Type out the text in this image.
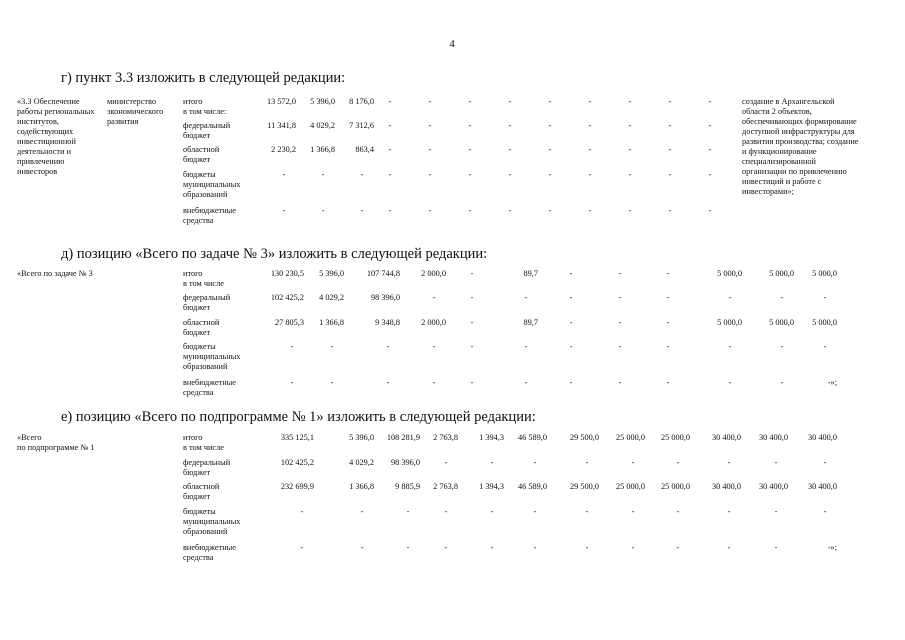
4
г) пункт 3.3 изложить в следующей редакции:
«3.3 Обеспечение работы региональных институтов, содействующих инвестиционной деятельности и привлечению инвесторов
министерство экономического развития
создание в Архангельской области 2 объектов, обеспечивающих формирование доступной инфраструктуры для развития производства; создание и функционирование специализированной организации по привлечению инвестиций и работе с инвесторами»;
итого
в том числе:
13 572,0	5 396,0	8 176,0	-	-	-	-	-	-	-	-	-
федеральный
бюджет
11 341,8	4 029,2	7 312,6	-	-	-	-	-	-	-	-	-
областной
бюджет
2 230,2	1 366,8	863,4	-	-	-	-	-	-	-	-	-
бюджеты
муниципальных
образований
-	-	-	-	-	-	-	-	-	-	-	-
внебюджетные
средства
-	-	-	-	-	-	-	-	-	-	-	-
д) позицию «Всего по задаче № 3» изложить в следующей редакции:
«Всего по задаче № 3	итого
в том числе
130 230,5	5 396,0	107 744,8	2 000,0	-	89,7	-	-	-	5 000,0	5 000,0	5 000,0
федеральный
бюджет
102 425,2	4 029,2	98 396,0	-	-	-	-	-	-	-	-	-
областной
бюджет
27 805,3	1 366,8	9 348,8	2 000,0	-	89,7	-	-	-	5 000,0	5 000,0	5 000,0
бюджеты
муниципальных
образований
-	-	-	-	-	-	-	-	-	-	-	-
внебюджетные
средства
-	-	-	-	-	-	-	-	-	-	-	-»;
е) позицию «Всего по подпрограмме № 1» изложить в следующей редакции:
«Всего
по подпрограмме № 1
итого
в том числе
335 125,1	5 396,0	108 281,9	2 763,8	1 394,3	46 589,0	29 500,0	25 000,0	25 000,0	30 400,0	30 400,0	30 400,0
федеральный
бюджет
102 425,2	4 029,2	98 396,0	-	-	-	-	-	-	-	-	-
областной
бюджет
232 699,9	1 366,8	9 885,9	2 763,8	1 394,3	46 589,0	29 500,0	25 000,0	25 000,0	30 400,0	30 400,0	30 400,0
бюджеты
муниципальных
образований
-	-	-	-	-	-	-	-	-	-	-	-
внебюджетные
средства
-	-	-	-	-	-	-	-	-	-	-	-»;
